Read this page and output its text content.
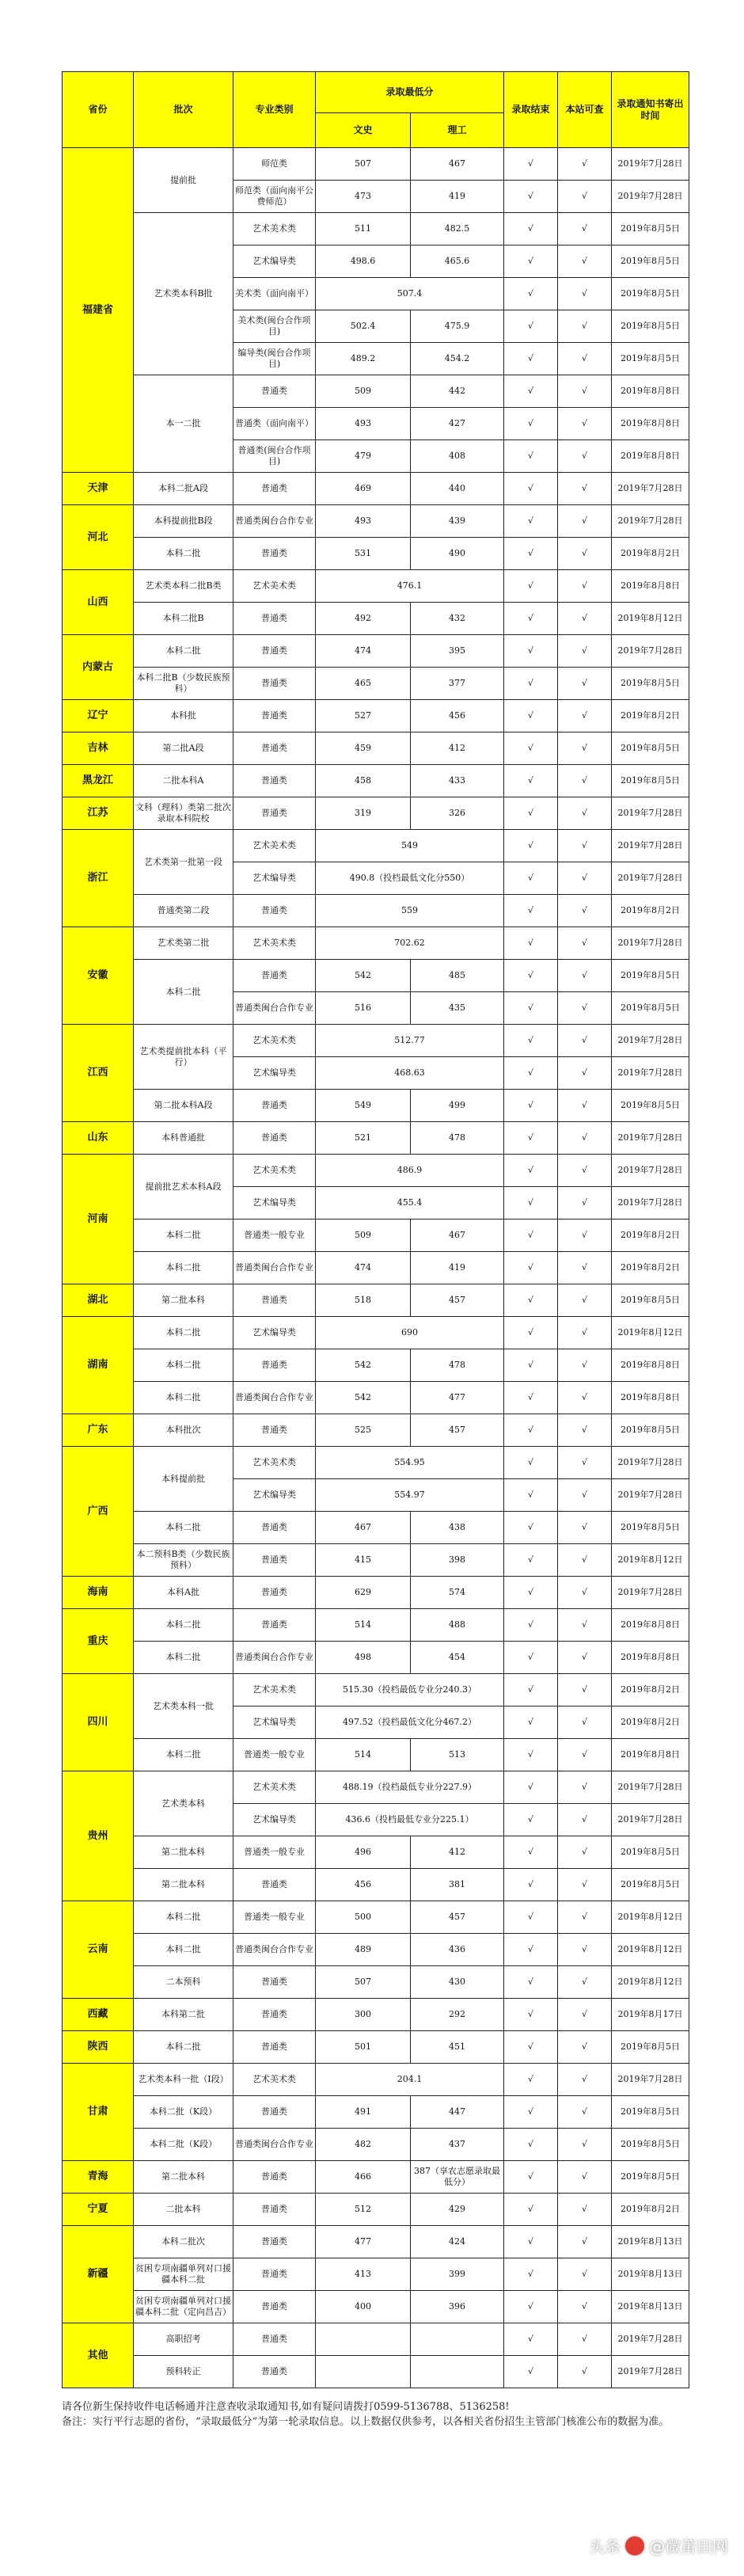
省份	批次	专业类别	录取最低分		录取结束	本站可查	录取通知书寄出时间
			文史	理工			
福建省	提前批	师范类	507	467	√	√	2019年7月28日
		师范类（面向南平公费师范）	473	419	√	√	2019年7月28日
	艺术类本科B批	艺术美术类	511	482.5	√	√	2019年8月5日
		艺术编导类	498.6	465.6	√	√	2019年8月5日
		美术类（面向南平）	507.4		√	√	2019年8月5日
		美术类(闽台合作项目)	502.4	475.9	√	√	2019年8月5日
		编导类(闽台合作项目)	489.2	454.2	√	√	2019年8月5日
	本一二批	普通类	509	442	√	√	2019年8月8日
		普通类（面向南平）	493	427	√	√	2019年8月8日
		普通类(闽台合作项目)	479	408	√	√	2019年8月8日
天津	本科二批A段	普通类	469	440	√	√	2019年7月28日
河北	本科提前批B段	普通类闽台合作专业	493	439	√	√	2019年7月28日
	本科二批	普通类	531	490	√	√	2019年8月2日
山西	艺术类本科二批B类	艺术美术类	476.1		√	√	2019年8月8日
	本科二批B	普通类	492	432	√	√	2019年8月12日
内蒙古	本科二批	普通类	474	395	√	√	2019年7月28日
	本科二批B（少数民族预科）	普通类	465	377	√	√	2019年8月5日
辽宁	本科批	普通类	527	456	√	√	2019年8月2日
吉林	第二批A段	普通类	459	412	√	√	2019年8月5日
黑龙江	二批本科A	普通类	458	433	√	√	2019年8月5日
江苏	文科（理科）类第二批次录取本科院校	普通类	319	326	√	√	2019年7月28日
浙江	艺术类第一批第一段	艺术美术类	549		√	√	2019年7月28日
		艺术编导类	490.8（投档最低文化分550）		√	√	2019年7月28日
	普通类第二段	普通类	559		√	√	2019年8月2日
安徽	艺术类第二批	艺术美术类	702.62		√	√	2019年7月28日
	本科二批	普通类	542	485	√	√	2019年8月5日
		普通类闽台合作专业	516	435	√	√	2019年8月5日
江西	艺术类提前批本科（平行）	艺术美术类	512.77		√	√	2019年7月28日
		艺术编导类	468.63		√	√	2019年7月28日
	第二批本科A段	普通类	549	499	√	√	2019年8月5日
山东	本科普通批	普通类	521	478	√	√	2019年7月28日
河南	提前批艺术本科A段	艺术美术类	486.9		√	√	2019年7月28日
		艺术编导类	455.4		√	√	2019年7月28日
	本科二批	普通类一般专业	509	467	√	√	2019年8月2日
	本科二批	普通类闽台合作专业	474	419	√	√	2019年8月2日
湖北	第二批本科	普通类	518	457	√	√	2019年8月5日
湖南	本科二批	艺术编导类	690		√	√	2019年8月12日
	本科二批	普通类	542	478	√	√	2019年8月8日
	本科二批	普通类闽台合作专业	542	477	√	√	2019年8月8日
广东	本科批次	普通类	525	457	√	√	2019年8月5日
广西	本科提前批	艺术美术类	554.95		√	√	2019年7月28日
		艺术编导类	554.97		√	√	2019年7月28日
	本科二批	普通类	467	438	√	√	2019年8月5日
	本二预科B类（少数民族预科）	普通类	415	398	√	√	2019年8月12日
海南	本科A批	普通类	629	574	√	√	2019年7月28日
重庆	本科二批	普通类	514	488	√	√	2019年8月8日
	本科二批	普通类闽台合作专业	498	454	√	√	2019年8月8日
四川	艺术类本科一批	艺术美术类	515.30（投档最低专业分240.3）		√	√	2019年8月2日
		艺术编导类	497.52（投档最低文化分467.2）		√	√	2019年8月2日
	本科二批	普通类一般专业	514	513	√	√	2019年8月8日
贵州	艺术类本科	艺术美术类	488.19（投档最低专业分227.9）		√	√	2019年7月28日
		艺术编导类	436.6（投档最低专业分225.1）		√	√	2019年7月28日
	第二批本科	普通类一般专业	496	412	√	√	2019年8月5日
	第二批本科	普通类	456	381	√	√	2019年8月5日
云南	本科二批	普通类一般专业	500	457	√	√	2019年8月12日
	本科二批	普通类闽台合作专业	489	436	√	√	2019年8月12日
	二本预科	普通类	507	430	√	√	2019年8月12日
西藏	本科第二批	普通类	300	292	√	√	2019年8月17日
陕西	本科二批	普通类	501	451	√	√	2019年8月5日
甘肃	艺术类本科一批（Ⅰ段）	艺术美术类	204.1		√	√	2019年7月28日
	本科二批（K段）	普通类	491	447	√	√	2019年8月5日
	本科二批（K段）	普通类闽台合作专业	482	437	√	√	2019年8月5日
青海	第二批本科	普通类	466	387（享农志愿录取最低分）	√	√	2019年8月5日
宁夏	二批本科	普通类	512	429	√	√	2019年8月2日
新疆	本科二批次	普通类	477	424	√	√	2019年8月13日
	贫困专项南疆单列对口援疆本科二批	普通类	413	399	√	√	2019年8月13日
	贫困专项南疆单列对口援疆本科二批（定向昌吉）	普通类	400	396	√	√	2019年8月13日
其他	高职招考	普通类			√	√	2019年7月28日
	预科转正	普通类			√	√	2019年7月28日
请各位新生保持收件电话畅通并注意查收录取通知书,如有疑问请拨打0599-5136788、5136258!
备注：实行平行志愿的省份，“录取最低分”为第一轮录取信息。以上数据仅供参考，以各相关省份招生主管部门核准公布的数据为准。
头条 @微莆田网
